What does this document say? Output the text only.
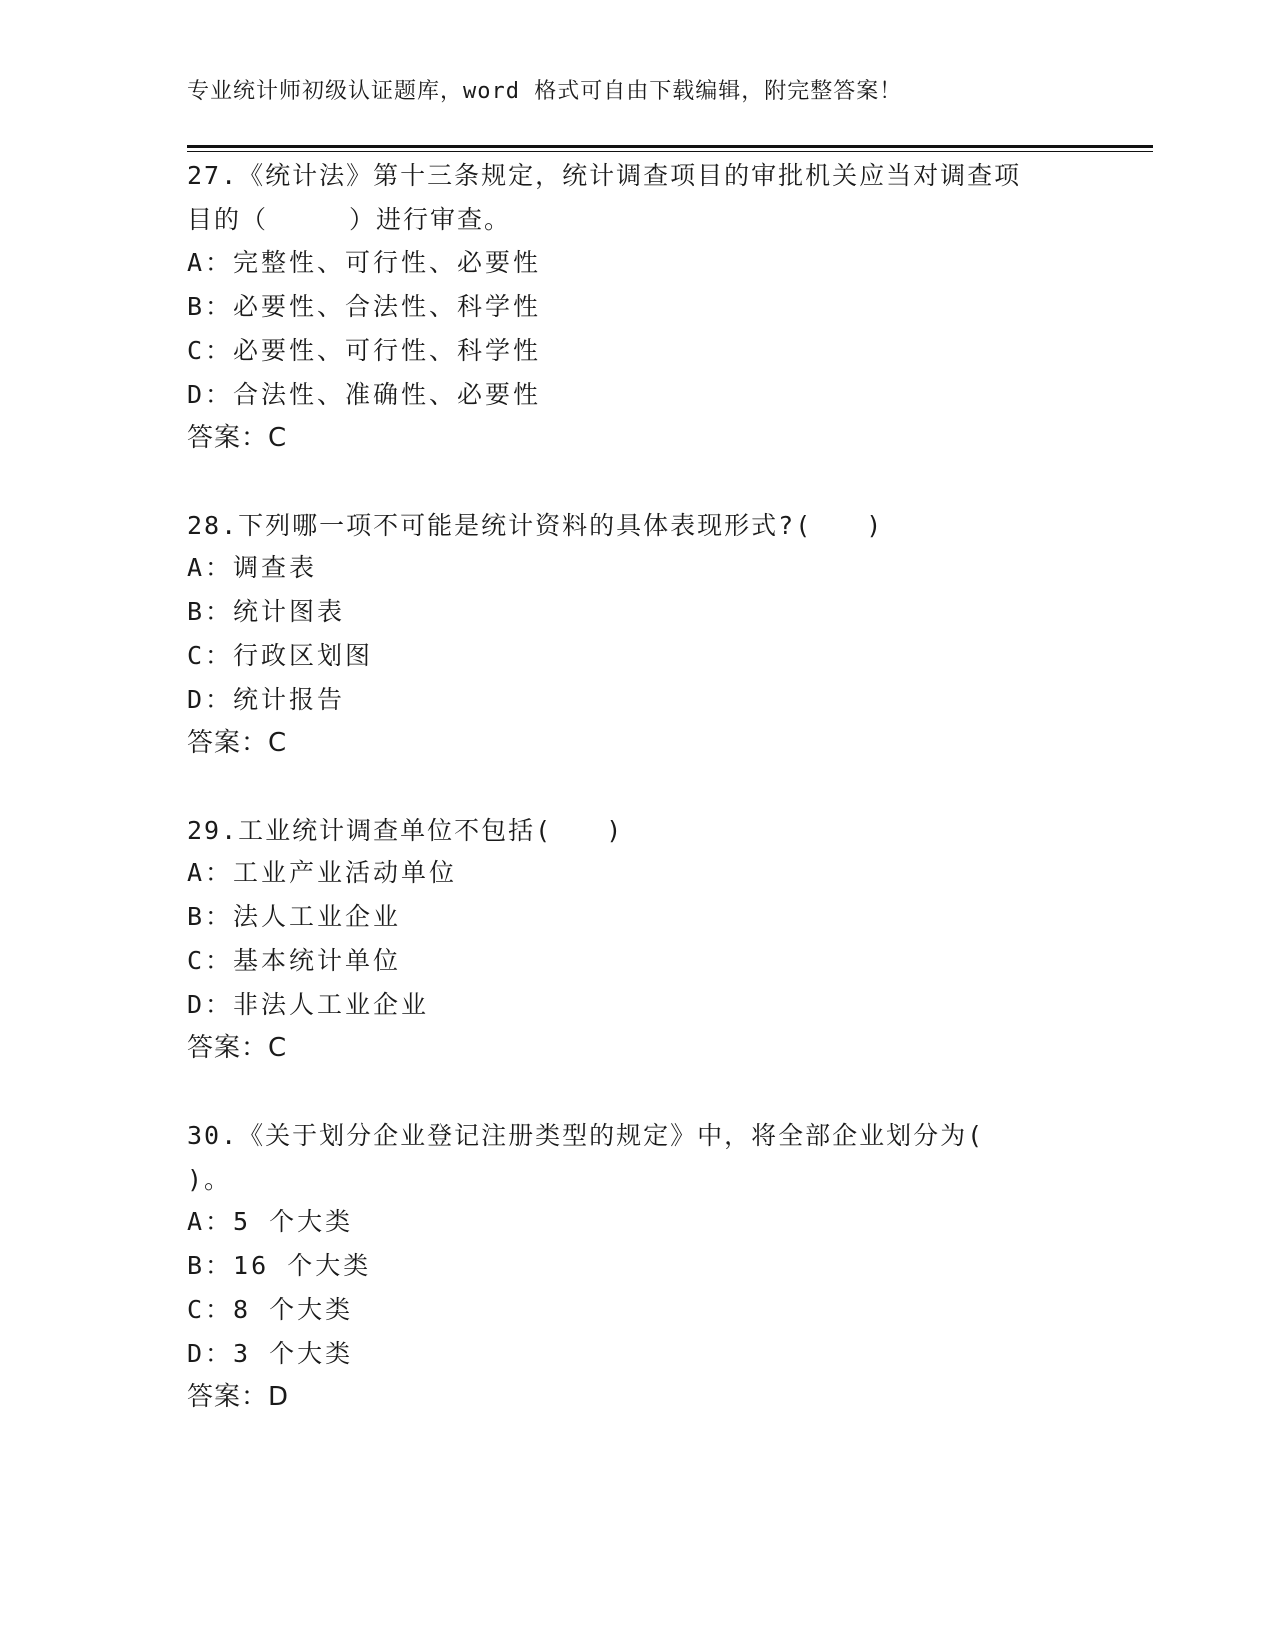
专业统计师初级认证题库，word 格式可自由下载编辑，附完整答案！
27.《统计法》第十三条规定，统计调查项目的审批机关应当对调查项
目的（　　　）进行审查。
A：完整性、可行性、必要性
B：必要性、合法性、科学性
C：必要性、可行性、科学性
D：合法性、准确性、必要性
答案：C
28.下列哪一项不可能是统计资料的具体表现形式?(　　)
A：调查表
B：统计图表
C：行政区划图
D：统计报告
答案：C
29.工业统计调查单位不包括(　　)
A：工业产业活动单位
B：法人工业企业
C：基本统计单位
D：非法人工业企业
答案：C
30.《关于划分企业登记注册类型的规定》中，将全部企业划分为(
)。
A：5 个大类
B：16 个大类
C：8 个大类
D：3 个大类
答案：D
